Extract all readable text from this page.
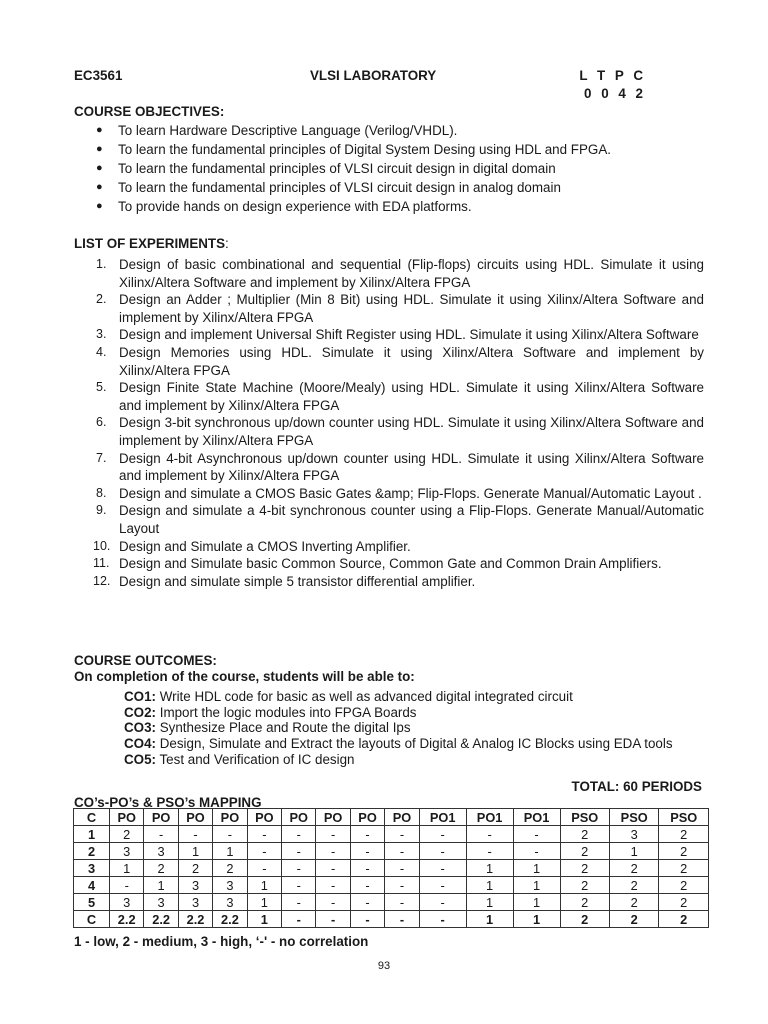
EC3561	VLSI LABORATORY	L T P C
0 0 4 2
COURSE OBJECTIVES:
● To learn Hardware Descriptive Language (Verilog/VHDL).
● To learn the fundamental principles of Digital System Desing using HDL and FPGA.
● To learn the fundamental principles of VLSI circuit design in digital domain
● To learn the fundamental principles of VLSI circuit design in analog domain
● To provide hands on design experience with EDA platforms.
LIST OF EXPERIMENTS:
1. Design of basic combinational and sequential (Flip-flops) circuits using HDL. Simulate it using Xilinx/Altera Software and implement by Xilinx/Altera FPGA
2. Design an Adder ; Multiplier (Min 8 Bit) using HDL. Simulate it using Xilinx/Altera Software and implement by Xilinx/Altera FPGA
3. Design and implement Universal Shift Register using HDL. Simulate it using Xilinx/Altera Software
4. Design Memories using HDL. Simulate it using Xilinx/Altera Software and implement by Xilinx/Altera FPGA
5. Design Finite State Machine (Moore/Mealy) using HDL. Simulate it using Xilinx/Altera Software and implement by Xilinx/Altera FPGA
6. Design 3-bit synchronous up/down counter using HDL. Simulate it using Xilinx/Altera Software and implement by Xilinx/Altera FPGA
7. Design 4-bit Asynchronous up/down counter using HDL. Simulate it using Xilinx/Altera Software and implement by Xilinx/Altera FPGA
8. Design and simulate a CMOS Basic Gates &amp; Flip-Flops. Generate Manual/Automatic Layout .
9. Design and simulate a 4-bit synchronous counter using a Flip-Flops. Generate Manual/Automatic Layout
10. Design and Simulate a CMOS Inverting Amplifier.
11. Design and Simulate basic Common Source, Common Gate and Common Drain Amplifiers.
12. Design and simulate simple 5 transistor differential amplifier.
COURSE OUTCOMES:
On completion of the course, students will be able to:
CO1: Write HDL code for basic as well as advanced digital integrated circuit
CO2: Import the logic modules into FPGA Boards
CO3: Synthesize Place and Route the digital Ips
CO4: Design, Simulate and Extract the layouts of Digital & Analog IC Blocks using EDA tools
CO5: Test and Verification of IC design
TOTAL: 60 PERIODS
CO’s-PO’s & PSO’s MAPPING
C	PO	PO	PO	PO	PO	PO	PO	PO	PO	PO1	PO1	PO1	PSO	PSO	PSO
1	2	-	-	-	-	-	-	-	-	-	-	-	2	3	2
2	3	3	1	1	-	-	-	-	-	-	-	-	2	1	2
3	1	2	2	2	-	-	-	-	-	-	1	1	2	2	2
4	-	1	3	3	1	-	-	-	-	-	1	1	2	2	2
5	3	3	3	3	1	-	-	-	-	-	1	1	2	2	2
C	2.2	2.2	2.2	2.2	1	-	-	-	-	-	1	1	2	2	2
1 - low, 2 - medium, 3 - high, ‘-' - no correlation
93
